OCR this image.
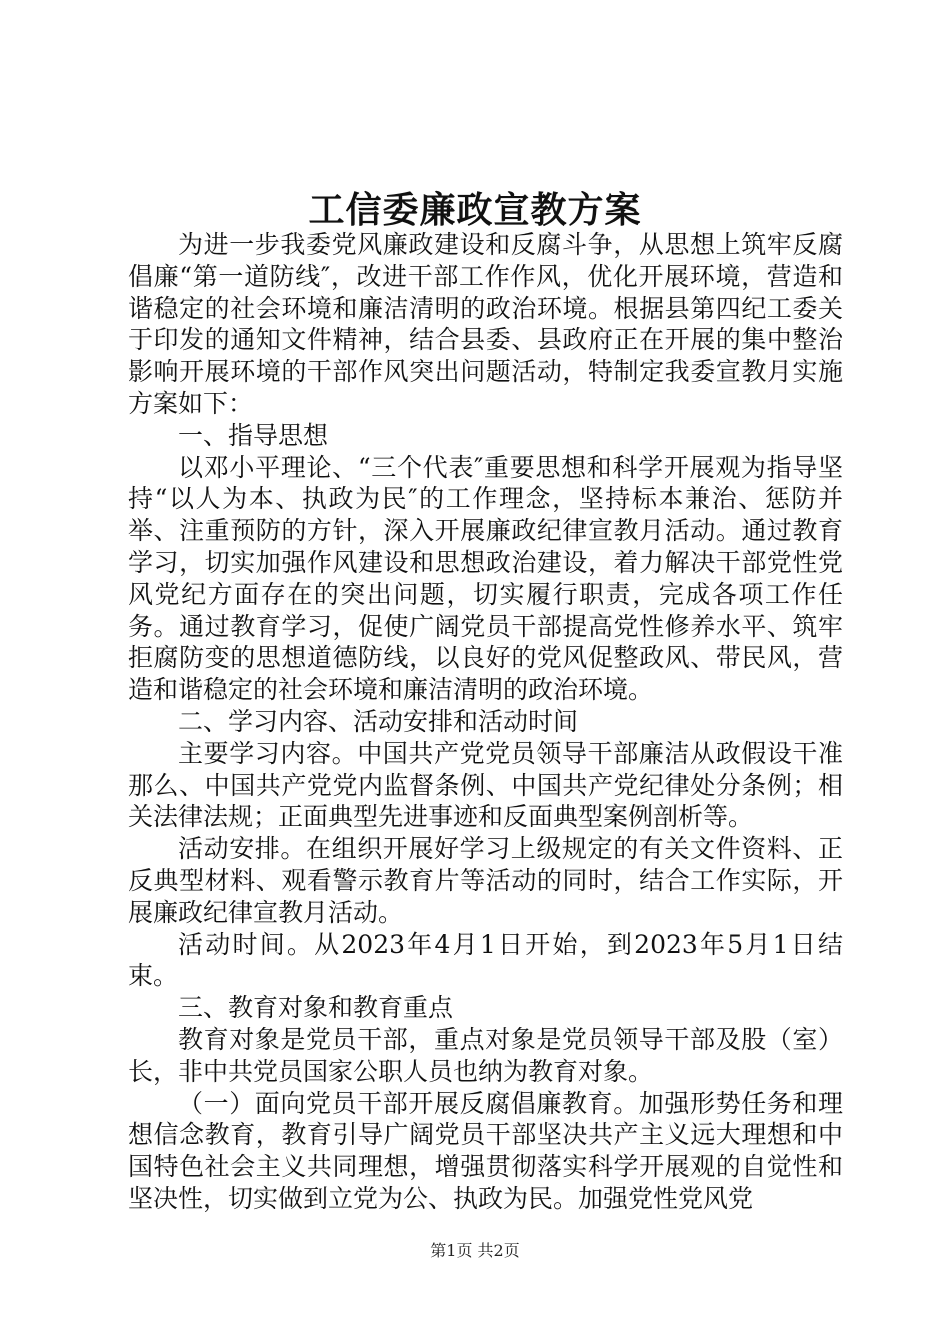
工信委廉政宣教方案

为进一步我委党风廉政建设和反腐斗争，从思想上筑牢反腐倡廉“第一道防线″，改进干部工作作风，优化开展环境，营造和谐稳定的社会环境和廉洁清明的政治环境。根据县第四纪工委关于印发的通知文件精神，结合县委、县政府正在开展的集中整治影响开展环境的干部作风突出问题活动，特制定我委宣教月实施方案如下：

一、指导思想

以邓小平理论、“三个代表″重要思想和科学开展观为指导坚持“以人为本、执政为民″的工作理念，坚持标本兼治、惩防并举、注重预防的方针，深入开展廉政纪律宣教月活动。通过教育学习，切实加强作风建设和思想政治建设，着力解决干部党性党风党纪方面存在的突出问题，切实履行职责，完成各项工作任务。通过教育学习，促使广阔党员干部提高党性修养水平、筑牢拒腐防变的思想道德防线，以良好的党风促整政风、带民风，营造和谐稳定的社会环境和廉洁清明的政治环境。

二、学习内容、活动安排和活动时间

主要学习内容。中国共产党党员领导干部廉洁从政假设干准那么、中国共产党党内监督条例、中国共产党纪律处分条例；相关法律法规；正面典型先进事迹和反面典型案例剖析等。

活动安排。在组织开展好学习上级规定的有关文件资料、正反典型材料、观看警示教育片等活动的同时，结合工作实际，开展廉政纪律宣教月活动。

活动时间。从2023年4月1日开始，到2023年5月1日结束。

三、教育对象和教育重点

教育对象是党员干部，重点对象是党员领导干部及股（室）长，非中共党员国家公职人员也纳为教育对象。

（一）面向党员干部开展反腐倡廉教育。加强形势任务和理想信念教育，教育引导广阔党员干部坚决共产主义远大理想和中国特色社会主义共同理想，增强贯彻落实科学开展观的自觉性和坚决性，切实做到立党为公、执政为民。加强党性党风党

第1页 共2页
